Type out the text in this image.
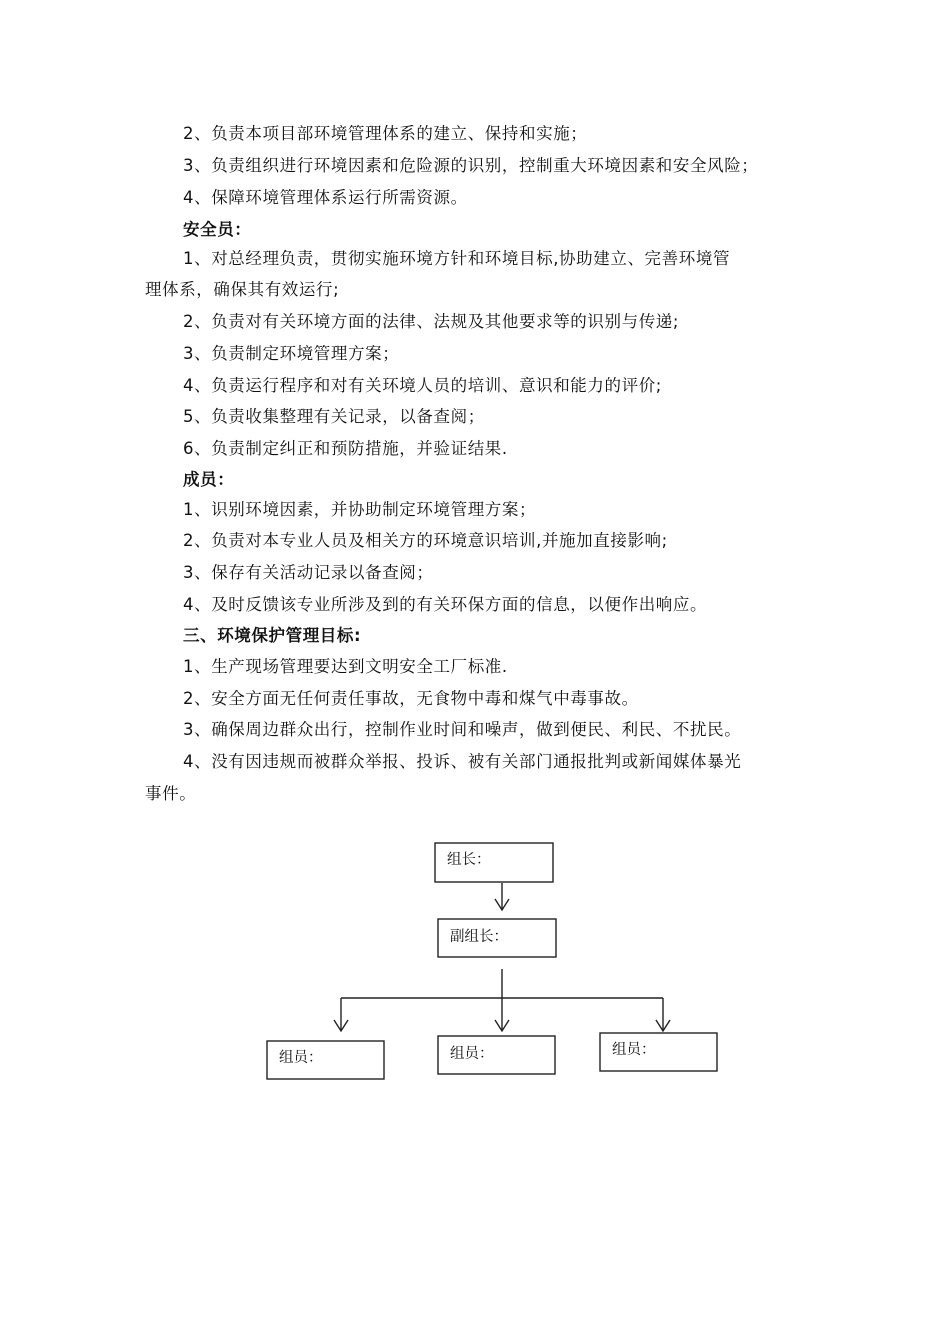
2、负责本项目部环境管理体系的建立、保持和实施；
3、负责组织进行环境因素和危险源的识别，控制重大环境因素和安全风险；
4、保障环境管理体系运行所需资源。
安全员：
1、对总经理负责，贯彻实施环境方针和环境目标,协助建立、完善环境管
理体系，确保其有效运行;
2、负责对有关环境方面的法律、法规及其他要求等的识别与传递;
3、负责制定环境管理方案；
4、负责运行程序和对有关环境人员的培训、意识和能力的评价;
5、负责收集整理有关记录，以备查阅；
6、负责制定纠正和预防措施，并验证结果.
成员：
1、识别环境因素，并协助制定环境管理方案；
2、负责对本专业人员及相关方的环境意识培训,并施加直接影响;
3、保存有关活动记录以备查阅；
4、及时反馈该专业所涉及到的有关环保方面的信息，以便作出响应。
三、环境保护管理目标:
1、生产现场管理要达到文明安全工厂标准.
2、安全方面无任何责任事故，无食物中毒和煤气中毒事故。
3、确保周边群众出行，控制作业时间和噪声，做到便民、利民、不扰民。
4、没有因违规而被群众举报、投诉、被有关部门通报批判或新闻媒体暴光
事件。
组长：
副组长：
组员：	组员：	组员：
